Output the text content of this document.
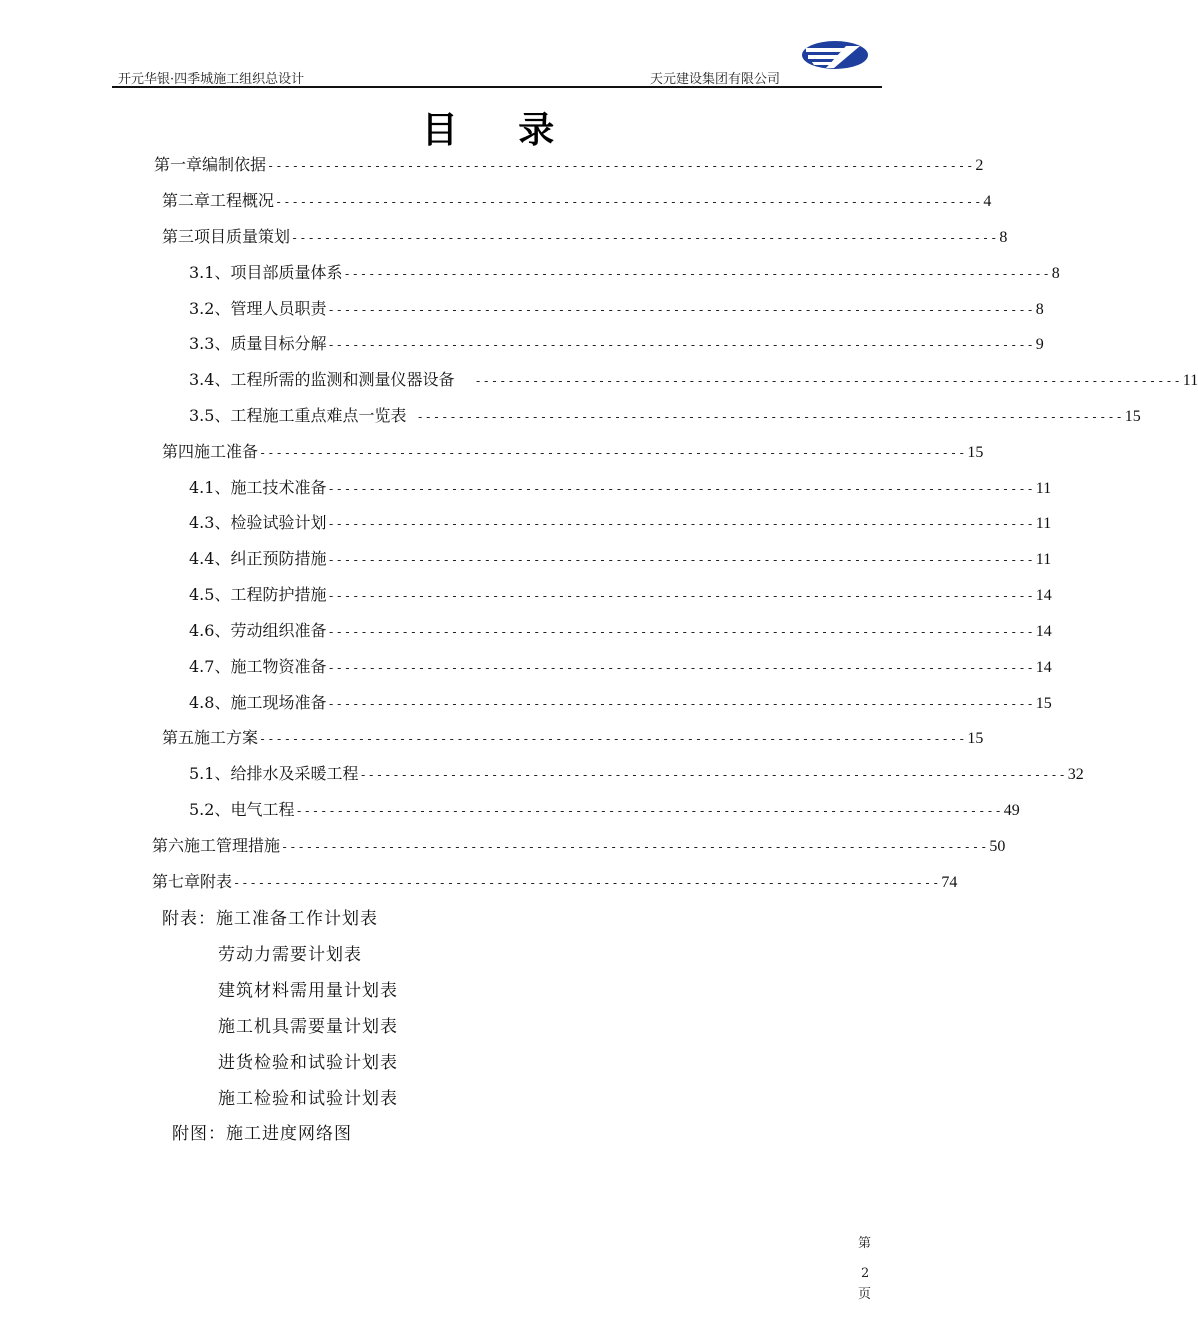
开元华银·四季城施工组织总设计	天元建设集团有限公司
目 录
第一章编制依据 -------------------------------------------------------------------------------------- 2
第二章工程概况 -------------------------------------------------------------------------------------- 4
第三项目质量策划 -------------------------------------------------------------------------------------- 8
3.1、项目部质量体系 -------------------------------------------------------------------------------------- 8
3.2、管理人员职责 -------------------------------------------------------------------------------------- 8
3.3、质量目标分解 -------------------------------------------------------------------------------------- 9
3.4、工程所需的监测和测量仪器设备 -------------------------------------------------------------------------------------- 11
3.5、工程施工重点难点一览表 -------------------------------------------------------------------------------------- 15
第四施工准备 -------------------------------------------------------------------------------------- 15
4.1、施工技术准备 -------------------------------------------------------------------------------------- 11
4.3、检验试验计划 -------------------------------------------------------------------------------------- 11
4.4、纠正预防措施 -------------------------------------------------------------------------------------- 11
4.5、工程防护措施 -------------------------------------------------------------------------------------- 14
4.6、劳动组织准备 -------------------------------------------------------------------------------------- 14
4.7、施工物资准备 -------------------------------------------------------------------------------------- 14
4.8、施工现场准备 -------------------------------------------------------------------------------------- 15
第五施工方案 -------------------------------------------------------------------------------------- 15
5.1、给排水及采暖工程 -------------------------------------------------------------------------------------- 32
5.2、电气工程 -------------------------------------------------------------------------------------- 49
第六施工管理措施 -------------------------------------------------------------------------------------- 50
第七章附表 -------------------------------------------------------------------------------------- 74
附表：施工准备工作计划表
劳动力需要计划表
建筑材料需用量计划表
施工机具需要量计划表
进货检验和试验计划表
施工检验和试验计划表
附图：施工进度网络图
第
2
页
